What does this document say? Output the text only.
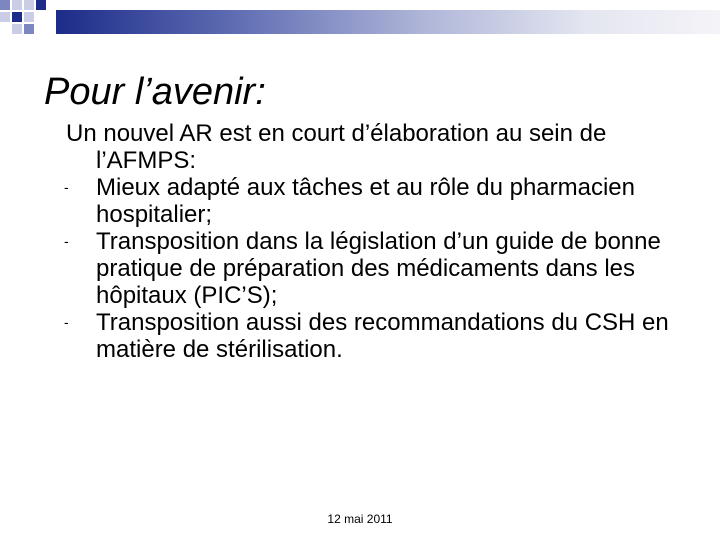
Pour l’avenir:

Un nouvel AR est en court d’élaboration au sein de l’AFMPS:

- Mieux adapté aux tâches et au rôle du pharmacien hospitalier;
- Transposition dans la législation d’un guide de bonne pratique de préparation des médicaments dans les hôpitaux (PIC’S);
- Transposition aussi des recommandations du CSH en matière de stérilisation.
12 mai 2011
